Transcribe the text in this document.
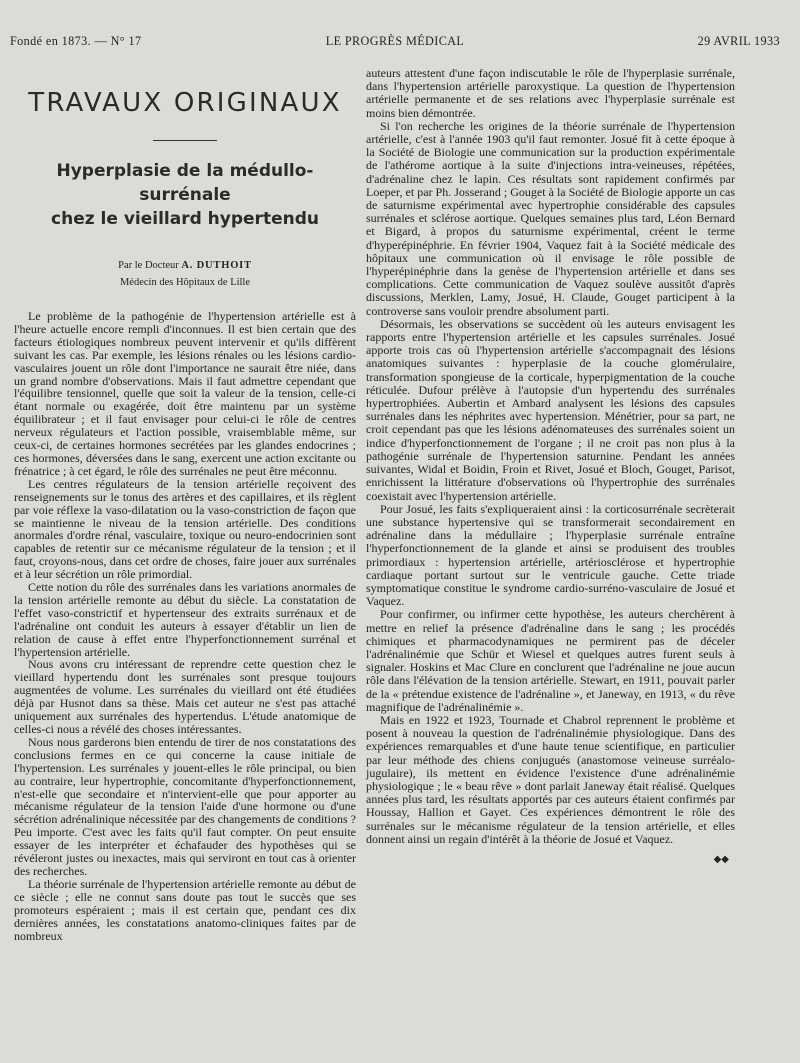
Fondé en 1873. — N° 17	LE PROGRÈS MÉDICAL	29 AVRIL 1933
TRAVAUX ORIGINAUX
Hyperplasie de la médullo-surrénale
chez le vieillard hypertendu
Par le Docteur A. DUTHOIT
Médecin des Hôpitaux de Lille

Le problème de la pathogénie de l'hypertension artérielle est à l'heure actuelle encore rempli d'inconnues. Il est bien certain que des facteurs étiologiques nombreux peuvent intervenir et qu'ils diffèrent suivant les cas. Par exemple, les lésions rénales ou les lésions cardio-vasculaires jouent un rôle dont l'importance ne saurait être niée, dans un grand nombre d'observations. Mais il faut admettre cependant que l'équilibre tensionnel, quelle que soit la valeur de la tension, celle-ci étant normale ou exagérée, doit être maintenu par un système équilibrateur ; et il faut envisager pour celui-ci le rôle de centres nerveux régulateurs et l'action possible, vraisemblable même, sur ceux-ci, de certaines hormones secrétées par les glandes endocrines ; ces hormones, déversées dans le sang, exercent une action excitante ou frénatrice ; à cet égard, le rôle des surrénales ne peut être méconnu.

Les centres régulateurs de la tension artérielle reçoivent des renseignements sur le tonus des artères et des capillaires, et ils règlent par voie réflexe la vaso-dilatation ou la vaso-constriction de façon que se maintienne le niveau de la tension artérielle. Des conditions anormales d'ordre rénal, vasculaire, toxique ou neuro-endocrinien sont capables de retentir sur ce mécanisme régulateur de la tension ; et il faut, croyons-nous, dans cet ordre de choses, faire jouer aux surrénales et à leur sécrétion un rôle primordial.

Cette notion du rôle des surrénales dans les variations anormales de la tension artérielle remonte au début du siècle. La constatation de l'effet vaso-constrictif et hypertenseur des extraits surrénaux et de l'adrénaline ont conduit les auteurs à essayer d'établir un lien de relation de cause à effet entre l'hyperfonctionnement surrénal et l'hypertension artérielle.

Nous avons cru intéressant de reprendre cette question chez le vieillard hypertendu dont les surrénales sont presque toujours augmentées de volume. Les surrénales du vieillard ont été étudiées déjà par Husnot dans sa thèse. Mais cet auteur ne s'est pas attaché uniquement aux surrénales des hypertendus. L'étude anatomique de celles-ci nous a révélé des choses intéressantes.

Nous nous garderons bien entendu de tirer de nos constatations des conclusions fermes en ce qui concerne la cause initiale de l'hypertension. Les surrénales y jouent-elles le rôle principal, ou bien au contraire, leur hypertrophie, concomitante d'hyperfonctionnement, n'est-elle que secondaire et n'intervient-elle que pour apporter au mécanisme régulateur de la tension l'aide d'une hormone ou d'une sécrétion adrénalinique nécessitée par des changements de conditions ? Peu importe. C'est avec les faits qu'il faut compter. On peut ensuite essayer de les interpréter et échafauder des hypothèses qui se révéleront justes ou inexactes, mais qui serviront en tout cas à orienter des recherches.

La théorie surrénale de l'hypertension artérielle remonte au début de ce siècle ; elle ne connut sans doute pas tout le succès que ses promoteurs espéraient ; mais il est certain que, pendant ces dix dernières années, les constatations anatomo-cliniques faites par de nombreux

auteurs attestent d'une façon indiscutable le rôle de l'hyperplasie surrénale, dans l'hypertension artérielle paroxystique. La question de l'hypertension artérielle permanente et de ses relations avec l'hyperplasie surrénale est moins bien démontrée.

Si l'on recherche les origines de la théorie surrénale de l'hypertension artérielle, c'est à l'année 1903 qu'il faut remonter. Josué fit à cette époque à la Société de Biologie une communication sur la production expérimentale de l'athérome aortique à la suite d'injections intra-veineuses, répétées, d'adrénaline chez le lapin. Ces résultats sont rapidement confirmés par Loeper, et par Ph. Josserand ; Gouget à la Société de Biologie apporte un cas de saturnisme expérimental avec hypertrophie considérable des capsules surrénales et sclérose aortique. Quelques semaines plus tard, Léon Bernard et Bigard, à propos du saturnisme expérimental, créent le terme d'hyperépinéphrie. En février 1904, Vaquez fait à la Société médicale des hôpitaux une communication où il envisage le rôle possible de l'hyperépinéphrie dans la genèse de l'hypertension artérielle et dans ses complications. Cette communication de Vaquez soulève aussitôt d'après discussions, Merklen, Lamy, Josué, H. Claude, Gouget participent à la controverse sans vouloir prendre absolument parti.

Désormais, les observations se succèdent où les auteurs envisagent les rapports entre l'hypertension artérielle et les capsules surrénales. Josué apporte trois cas où l'hypertension artérielle s'accompagnait des lésions anatomiques suivantes : hyperplasie de la couche glomérulaire, transformation spongieuse de la corticale, hyperpigmentation de la couche réticulée. Dufour prélève à l'autopsie d'un hypertendu des surrénales hypertrophiées. Aubertin et Ambard analysent les lésions des capsules surrénales dans les néphrites avec hypertension. Ménétrier, pour sa part, ne croit cependant pas que les lésions adénomateuses des surrénales soient un indice d'hyperfonctionnement de l'organe ; il ne croit pas non plus à la pathogénie surrénale de l'hypertension saturnine. Pendant les années suivantes, Widal et Boidin, Froin et Rivet, Josué et Bloch, Gouget, Parisot, enrichissent la littérature d'observations où l'hypertrophie des surrénales coexistait avec l'hypertension artérielle.

Pour Josué, les faits s'expliqueraient ainsi : la corticosurrénale secrèterait une substance hypertensive qui se transformerait secondairement en adrénaline dans la médullaire ; l'hyperplasie surrénale entraîne l'hyperfonctionnement de la glande et ainsi se produisent des troubles primordiaux : hypertension artérielle, artériosclérose et hypertrophie cardiaque portant surtout sur le ventricule gauche. Cette triade symptomatique constitue le syndrome cardio-surréno-vasculaire de Josué et Vaquez.

Pour confirmer, ou infirmer cette hypothèse, les auteurs cherchèrent à mettre en relief la présence d'adrénaline dans le sang ; les procédés chimiques et pharmacodynamiques ne permirent pas de déceler l'adrénalinémie que Schür et Wiesel et quelques autres furent seuls à signaler. Hoskins et Mac Clure en conclurent que l'adrénaline ne joue aucun rôle dans l'élévation de la tension artérielle. Stewart, en 1911, pouvait parler de la « prétendue existence de l'adrénaline », et Janeway, en 1913, « du rêve magnifique de l'adrénalinémie ».

Mais en 1922 et 1923, Tournade et Chabrol reprennent le problème et posent à nouveau la question de l'adrénalinémie physiologique. Dans des expériences remarquables et d'une haute tenue scientifique, en particulier par leur méthode des chiens conjugués (anastomose veineuse surréalo-jugulaire), ils mettent en évidence l'existence d'une adrénalinémie physiologique ; le « beau rêve » dont parlait Janeway était réalisé. Quelques années plus tard, les résultats apportés par ces auteurs étaient confirmés par Houssay, Hallion et Gayet. Ces expériences démontrent le rôle des surrénales sur le mécanisme régulateur de la tension artérielle, et elles donnent ainsi un regain d'intérêt à la théorie de Josué et Vaquez.

◆◆
